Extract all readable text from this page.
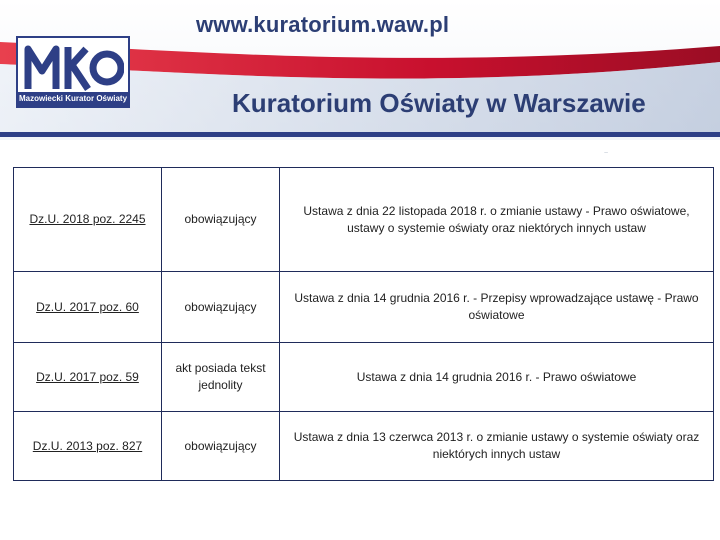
www.kuratorium.waw.pl
Mazowiecki Kurator Oświaty	Kuratorium Oświaty w Warszawie
~
Dz.U. 2018 poz. 2245	obowiązujący	Ustawa z dnia 22 listopada 2018 r. o zmianie ustawy - Prawo oświatowe, ustawy o systemie oświaty oraz niektórych innych ustaw
Dz.U. 2017 poz. 60	obowiązujący	Ustawa z dnia 14 grudnia 2016 r. - Przepisy wprowadzające ustawę - Prawo oświatowe
Dz.U. 2017 poz. 59	akt posiada tekst jednolity	Ustawa z dnia 14 grudnia 2016 r. - Prawo oświatowe
Dz.U. 2013 poz. 827	obowiązujący	Ustawa z dnia 13 czerwca 2013 r. o zmianie ustawy o systemie oświaty oraz niektórych innych ustaw
